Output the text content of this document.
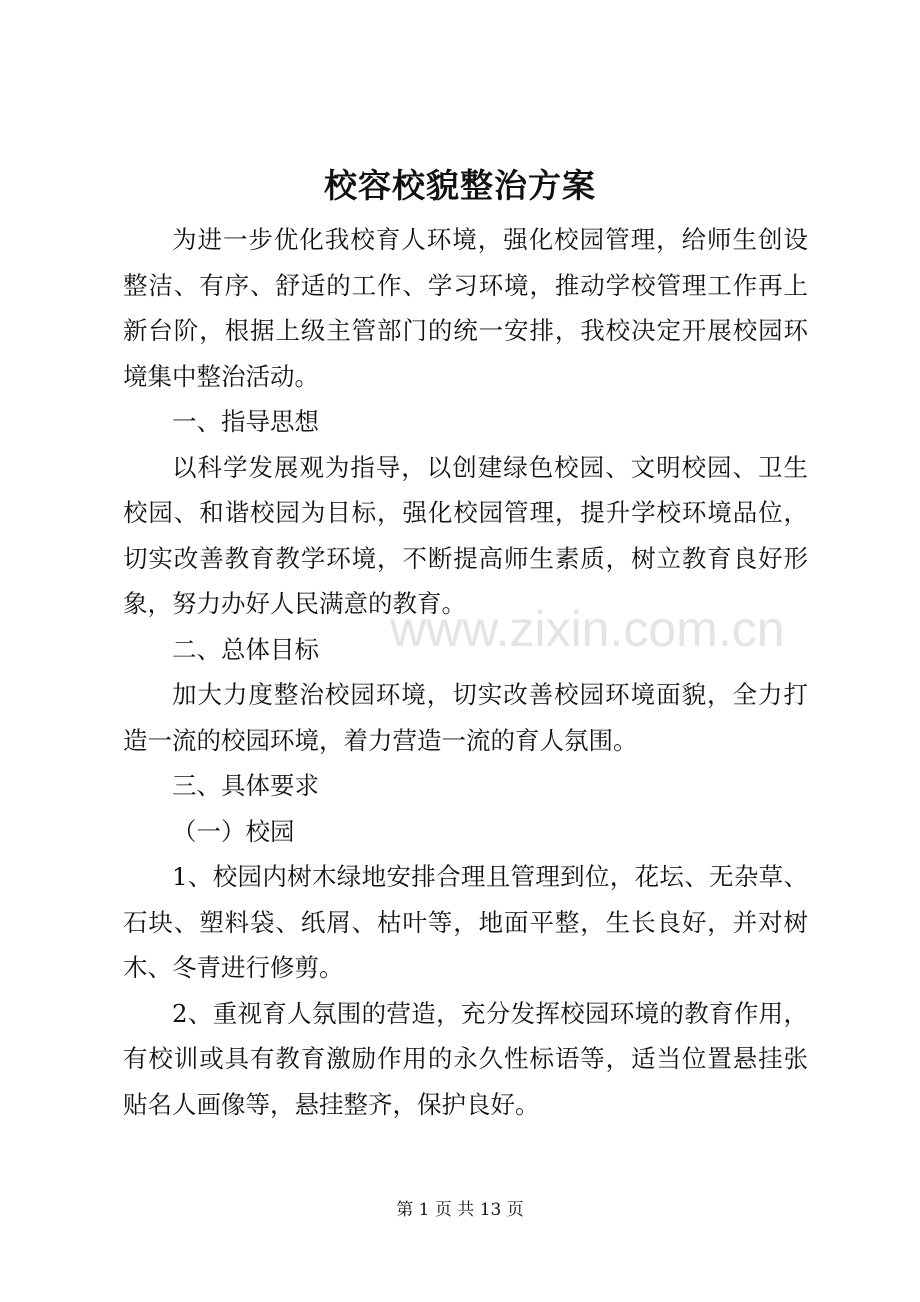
校容校貌整治方案

为进一步优化我校育人环境，强化校园管理，给师生创设整洁、有序、舒适的工作、学习环境，推动学校管理工作再上新台阶，根据上级主管部门的统一安排，我校决定开展校园环境集中整治活动。

一、指导思想

以科学发展观为指导，以创建绿色校园、文明校园、卫生校园、和谐校园为目标，强化校园管理，提升学校环境品位，切实改善教育教学环境，不断提高师生素质，树立教育良好形象，努力办好人民满意的教育。

二、总体目标

加大力度整治校园环境，切实改善校园环境面貌，全力打造一流的校园环境，着力营造一流的育人氛围。

三、具体要求

（一）校园

1、校园内树木绿地安排合理且管理到位，花坛、无杂草、石块、塑料袋、纸屑、枯叶等，地面平整，生长良好，并对树木、冬青进行修剪。

2、重视育人氛围的营造，充分发挥校园环境的教育作用，有校训或具有教育激励作用的永久性标语等，适当位置悬挂张贴名人画像等，悬挂整齐，保护良好。

www.zixin.com.cn
第 1 页 共 13 页
